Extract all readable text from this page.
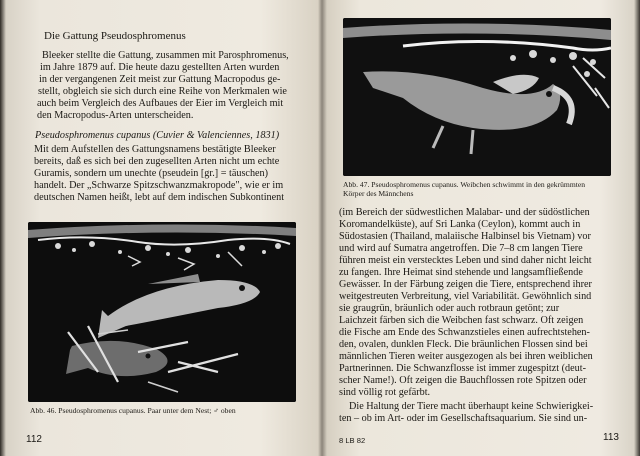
Die Gattung Pseudosphromenus
Bleeker stellte die Gattung, zusammen mit Parosphromenus,
im Jahre 1879 auf. Die heute dazu gestellten Arten wurden
in der vergangenen Zeit meist zur Gattung Macropodus ge-
stellt, obgleich sie sich durch eine Reihe von Merkmalen wie
auch beim Vergleich des Aufbaues der Eier im Vergleich mit
den Macropodus-Arten unterscheiden.
Pseudosphromenus cupanus (Cuvier & Valenciennes, 1831)
Mit dem Aufstellen des Gattungsnamens bestätigte Bleeker
bereits, daß es sich bei den zugesellten Arten nicht um echte
Guramis, sondern um unechte (pseudein [gr.] = täuschen)
handelt. Der „Schwarze Spitzschwanzmakropode", wie er im
deutschen Namen heißt, lebt auf dem indischen Subkontinent
Abb. 46. Pseudosphromenus cupanus. Paar unter dem Nest; ♂ oben
112
Abb. 47. Pseudosphromenus cupanus. Weibchen schwimmt in den gekrümmten
Körper des Männchens
(im Bereich der südwestlichen Malabar- und der südöstlichen
Koromandelküste), auf Sri Lanka (Ceylon), kommt auch in
Südostasien (Thailand, malaiische Halbinsel bis Vietnam) vor
und wird auf Sumatra angetroffen. Die 7–8 cm langen Tiere
führen meist ein verstecktes Leben und sind daher nicht leicht
zu fangen. Ihre Heimat sind stehende und langsamfließende
Gewässer. In der Färbung zeigen die Tiere, entsprechend ihrer
weitgestreuten Verbreitung, viel Variabilität. Gewöhnlich sind
sie graugrün, bräunlich oder auch rotbraun getönt; zur
Laichzeit färben sich die Weibchen fast schwarz. Oft zeigen
die Fische am Ende des Schwanzstieles einen aufrechtstehen-
den, ovalen, dunklen Fleck. Die bräunlichen Flossen sind bei
männlichen Tieren weiter ausgezogen als bei ihren weiblichen
Partnerinnen. Die Schwanzflosse ist immer zugespitzt (deut-
scher Name!). Oft zeigen die Bauchflossen rote Spitzen oder
sind völlig rot gefärbt.
Die Haltung der Tiere macht überhaupt keine Schwierigkei-
ten – ob im Art- oder im Gesellschaftsaquarium. Sie sind un-
8 LB 82	113
